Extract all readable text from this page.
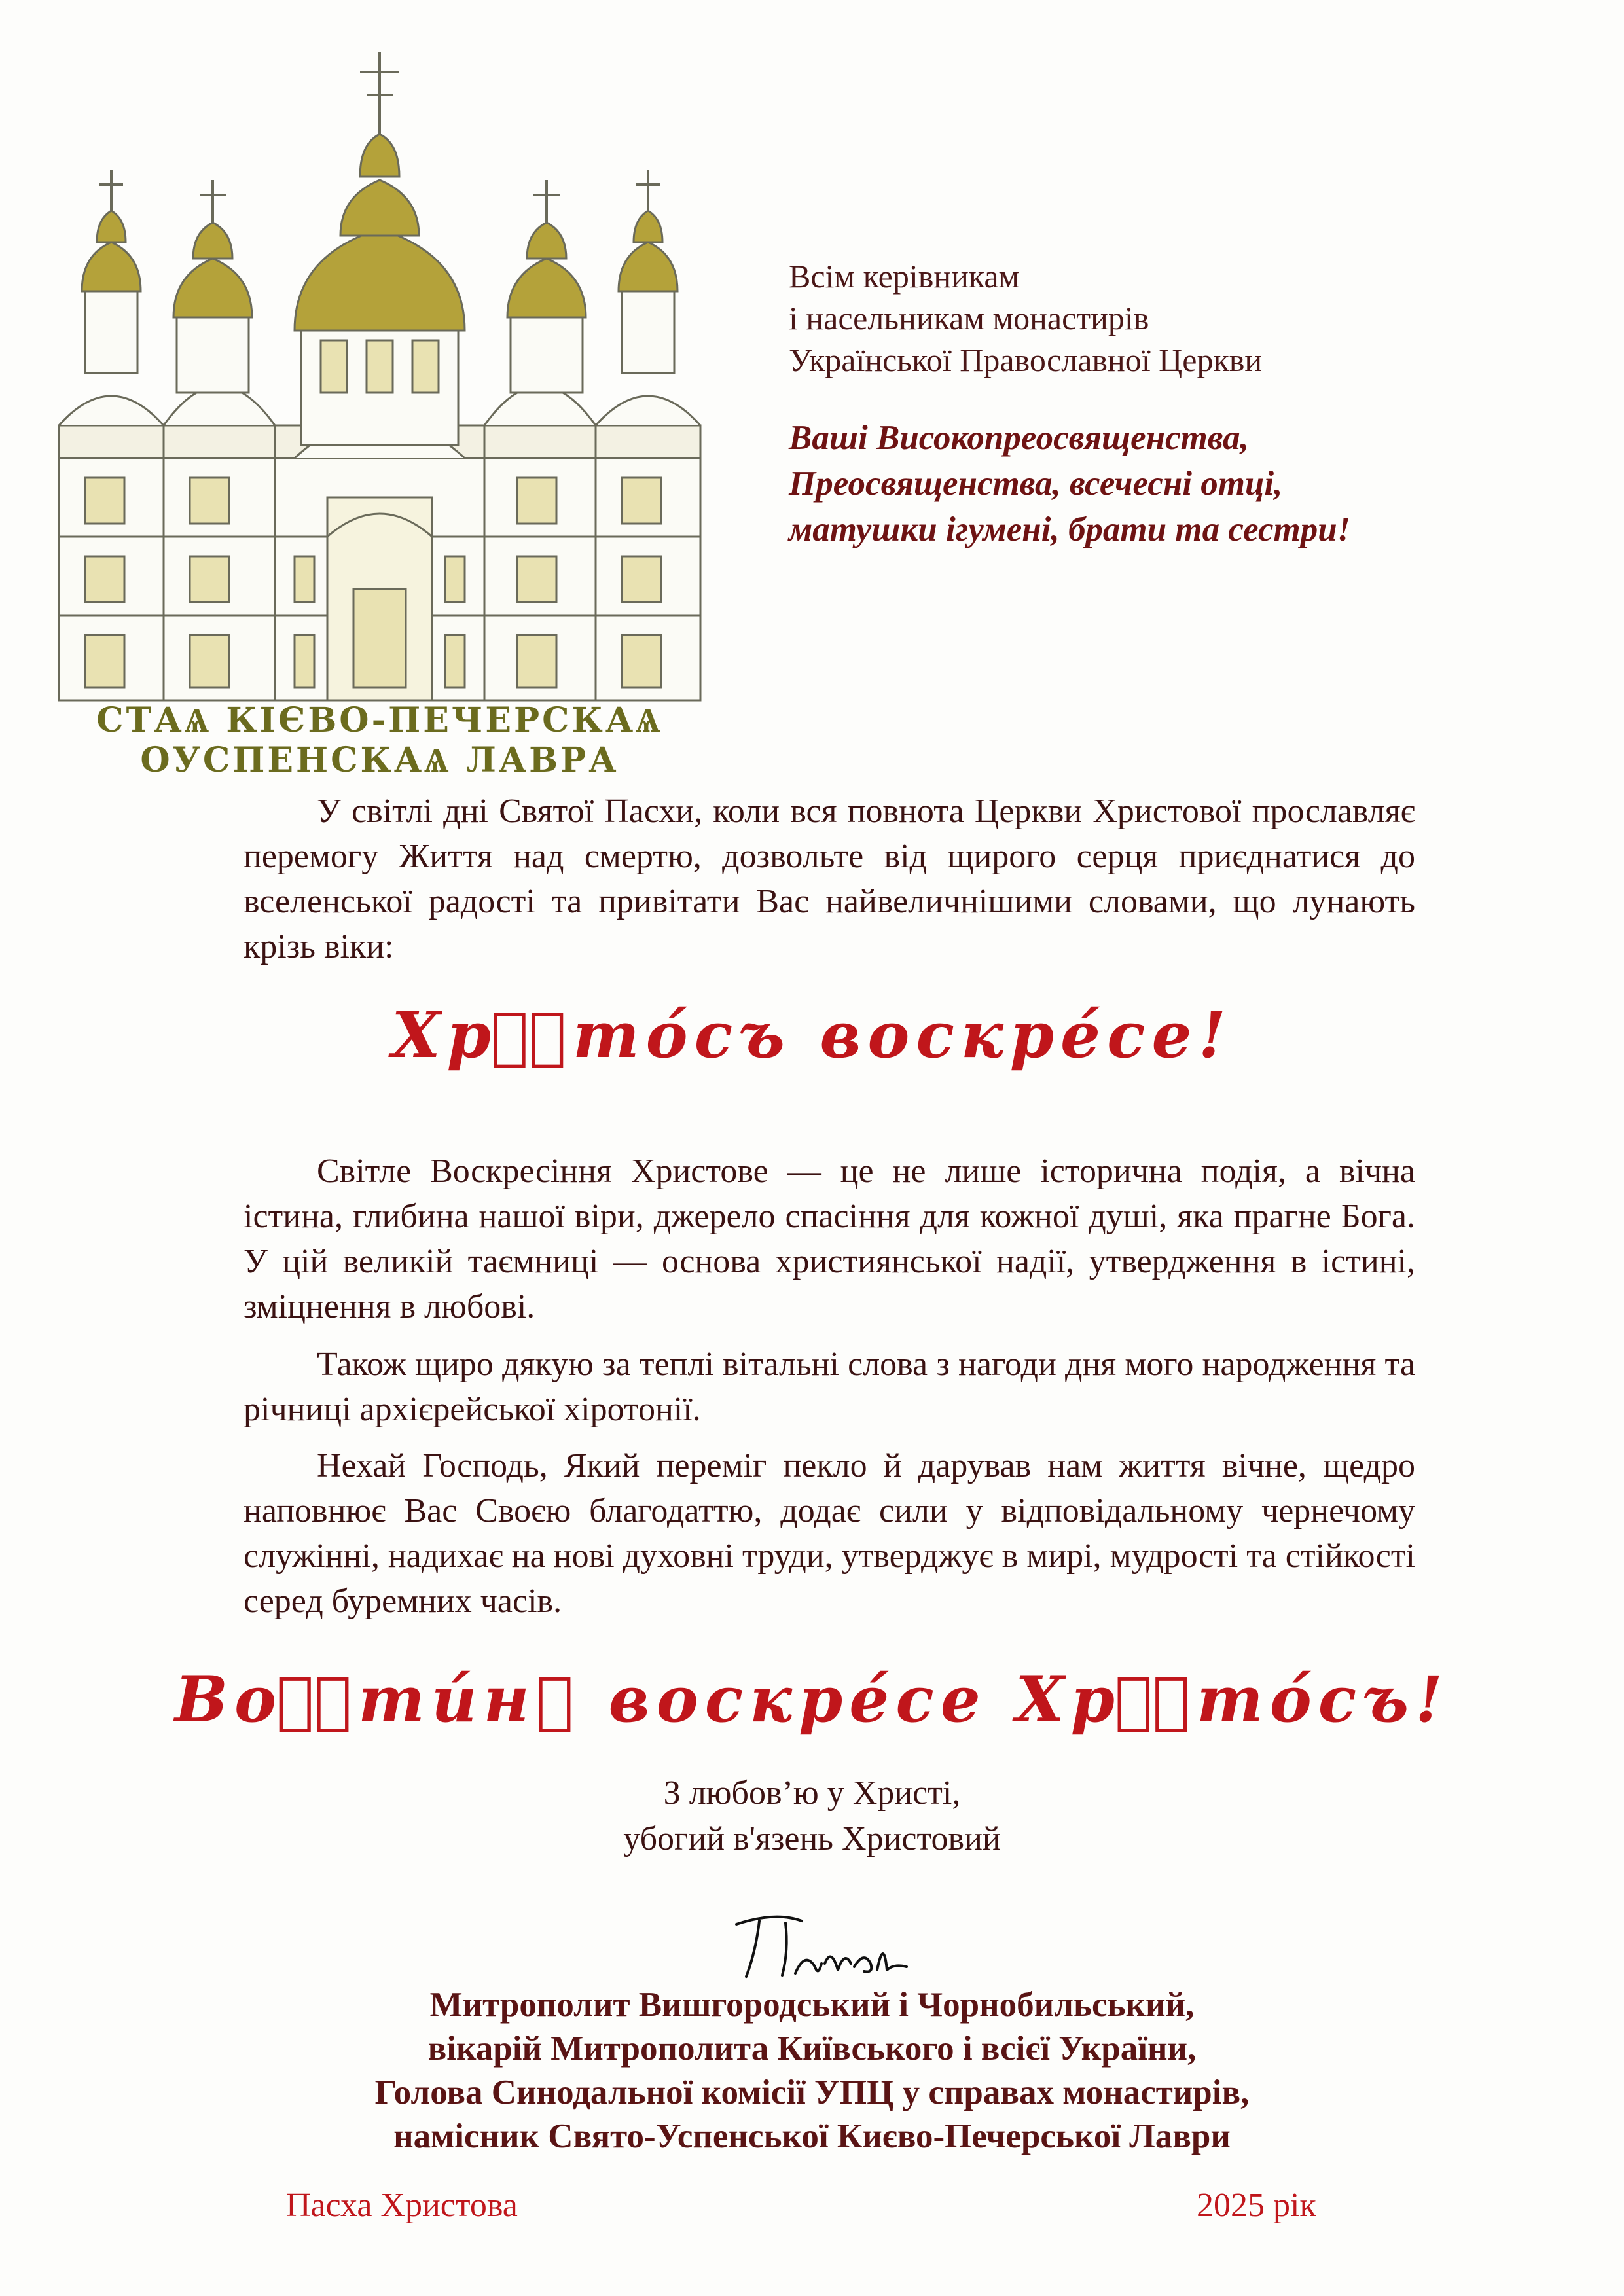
СТАѦ КІЄВО-ПЕЧЕРСКАѦ ОУСПЕНСКАѦ ЛАВРА
Всім керівникам
і насельникам монастирів
Української Православної Церкви
Ваші Високопреосвященства,
Преосвященства, всечесні отці,
матушки ігумені, брати та сестри!
У світлі дні Святої Пасхи, коли вся повнота Церкви Христової прославляє перемогу Життя над смертю, дозвольте від щирого серця приєднатися до вселенської радості та привітати Вас найвеличнішими словами, що лунають крізь віки:
Хрⷭ҇то́съ воскре́се!
Світле Воскресіння Христове — це не лише історична подія, а вічна істина, глибина нашої віри, джерело спасіння для кожної душі, яка прагне Бога. У цій великій таємниці — основа християнської надії, утвердження в істині, зміцнення в любові.
Також щиро дякую за теплі вітальні слова з нагоди дня мого народження та річниці архієрейської хіротонії.
Нехай Господь, Який переміг пекло й дарував нам життя вічне, щедро наповнює Вас Своєю благодаттю, додає сили у відповідальному чернечому служінні, надихає на нові духовні труди, утверджує в мирі, мудрості та стійкості серед буремних часів.
Воⷭ҇ти́нꙋ воскре́се Хрⷭ҇то́съ!
З любов’ю у Христі,
убогий в'язень Христовий
Митрополит Вишгородський і Чорнобильський,
вікарій Митрополита Київського і всієї України,
Голова Синодальної комісії УПЦ у справах монастирів,
намісник Свято-Успенської Києво-Печерської Лаври
Пасха Христова	2025 рік
